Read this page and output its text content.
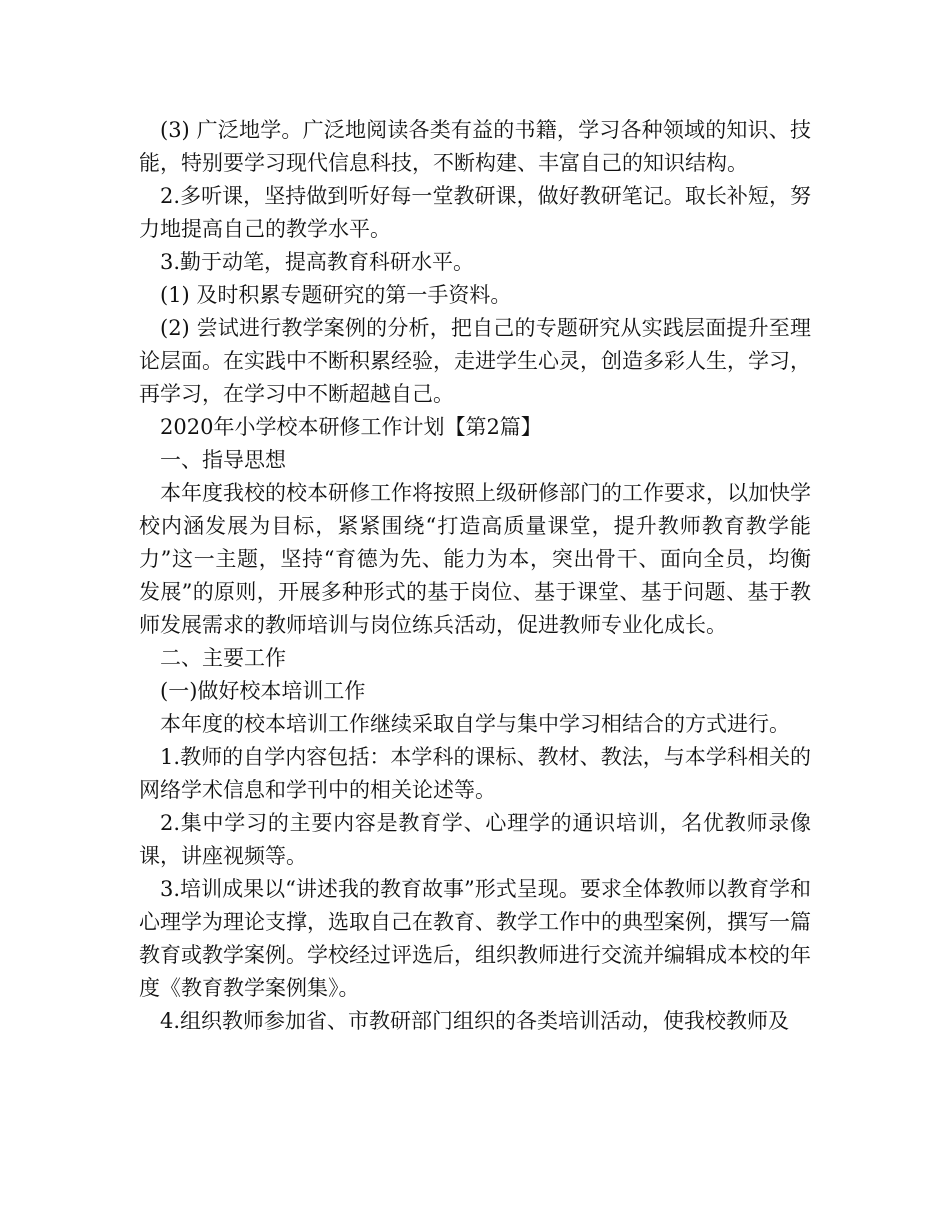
(3) 广泛地学。广泛地阅读各类有益的书籍，学习各种领域的知识、技能，特别要学习现代信息科技，不断构建、丰富自己的知识结构。

2.多听课，坚持做到听好每一堂教研课，做好教研笔记。取长补短，努力地提高自己的教学水平。

3.勤于动笔，提高教育科研水平。

(1) 及时积累专题研究的第一手资料。

(2) 尝试进行教学案例的分析，把自己的专题研究从实践层面提升至理论层面。在实践中不断积累经验，走进学生心灵，创造多彩人生，学习，再学习，在学习中不断超越自己。

2020年小学校本研修工作计划【第2篇】

一、指导思想

本年度我校的校本研修工作将按照上级研修部门的工作要求，以加快学校内涵发展为目标，紧紧围绕“打造高质量课堂，提升教师教育教学能力”这一主题，坚持“育德为先、能力为本，突出骨干、面向全员，均衡发展”的原则，开展多种形式的基于岗位、基于课堂、基于问题、基于教师发展需求的教师培训与岗位练兵活动，促进教师专业化成长。

二、主要工作

(一)做好校本培训工作

本年度的校本培训工作继续采取自学与集中学习相结合的方式进行。

1.教师的自学内容包括：本学科的课标、教材、教法，与本学科相关的网络学术信息和学刊中的相关论述等。

2.集中学习的主要内容是教育学、心理学的通识培训，名优教师录像课，讲座视频等。

3.培训成果以“讲述我的教育故事”形式呈现。要求全体教师以教育学和心理学为理论支撑，选取自己在教育、教学工作中的典型案例，撰写一篇教育或教学案例。学校经过评选后，组织教师进行交流并编辑成本校的年度《教育教学案例集》。

4.组织教师参加省、市教研部门组织的各类培训活动，使我校教师及
